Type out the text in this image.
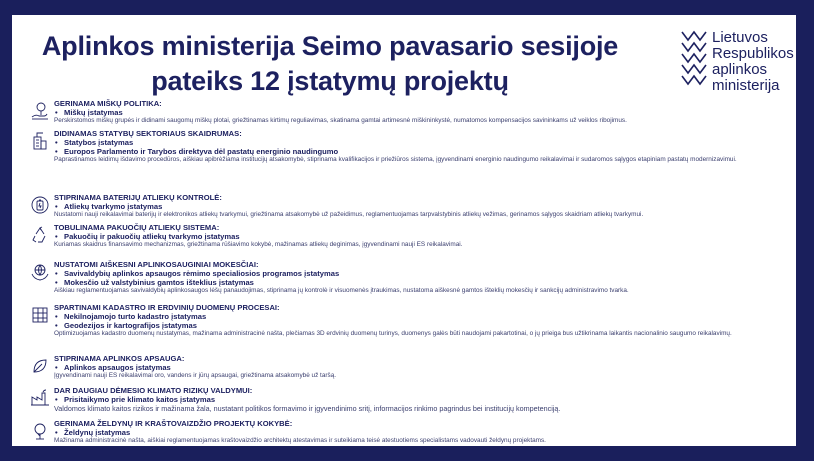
Aplinkos ministerija Seimo pavasario sesijoje
pateiks 12 įstatymų projektų
Lietuvos
Respublikos
aplinkos
ministerija
GERINAMA MIŠKŲ POLITIKA:
• Miškų įstatymas
Perskirstomos miškų grupės ir didinami saugomų miškų plotai, griežtinamas kirtimų reguliavimas, skatinama gamtai artimesnė miškininkystė, numatomos kompensacijos savininkams už veiklos ribojimus.
DIDINAMAS STATYBŲ SEKTORIAUS SKAIDRUMAS:
• Statybos įstatymas
• Europos Parlamento ir Tarybos direktyva dėl pastatų energinio naudingumo
Paprastinamos leidimų išdavimo procedūros, aiškiau apibrėžiama institucijų atsakomybė, stiprinama kvalifikacijos ir priežiūros sistema, įgyvendinami energinio naudingumo reikalavimai ir sudaromos sąlygos etapiniam pastatų modernizavimui.
STIPRINAMA BATERIJŲ ATLIEKŲ KONTROLĖ:
• Atliekų tvarkymo įstatymas
Nustatomi nauji reikalavimai baterijų ir elektronikos atliekų tvarkymui, griežtinama atsakomybė už pažeidimus, reglamentuojamas tarpvalstybinis atliekų vežimas, gerinamos sąlygos skaidriam atliekų tvarkymui.
TOBULINAMA PAKUOČIŲ ATLIEKŲ SISTEMA:
• Pakuočių ir pakuočių atliekų tvarkymo įstatymas
Kuriamas skaidrus finansavimo mechanizmas, griežtinama rūšiavimo kokybė, mažinamas atliekų deginimas, įgyvendinami nauji ES reikalavimai.
NUSTATOMI AIŠKESNI APLINKOSAUGINIAI MOKESČIAI:
• Savivaldybių aplinkos apsaugos rėmimo specialiosios programos įstatymas
• Mokesčio už valstybinius gamtos išteklius įstatymas
Aiškiau reglamentuojamas savivaldybių aplinkosaugos lėšų panaudojimas, stiprinama jų kontrolė ir visuomenės įtraukimas, nustatoma aiškesnė gamtos išteklių mokesčių ir sankcijų administravimo tvarka.
SPARTINAMI KADASTRO IR ERDVINIŲ DUOMENŲ PROCESAI:
• Nekilnojamojo turto kadastro įstatymas
• Geodezijos ir kartografijos įstatymas
Optimizuojamas kadastro duomenų nustatymas, mažinama administracinė našta, plečiamas 3D erdvinių duomenų turinys, duomenys galės būti naudojami pakartotinai, o jų prieiga bus užtikrinama laikantis nacionalinio saugumo reikalavimų.
STIPRINAMA APLINKOS APSAUGA:
• Aplinkos apsaugos įstatymas
Įgyvendinami nauji ES reikalavimai oro, vandens ir jūrų apsaugai, griežtinama atsakomybė už taršą.
DAR DAUGIAU DĖMESIO KLIMATO RIZIKŲ VALDYMUI:
• Prisitaikymo prie klimato kaitos įstatymas
Valdomos klimato kaitos rizikos ir mažinama žala, nustatant politikos formavimo ir įgyvendinimo sritį, informacijos rinkimo pagrindus bei institucijų kompetenciją.
GERINAMA ŽELDYNŲ IR KRAŠTOVAIZDŽIO PROJEKTŲ KOKYBĖ:
• Želdynų įstatymas
Mažinama administracinė našta, aiškiai reglamentuojamas kraštovaizdžio architektų atestavimas ir suteikiama teisė atestuotiems specialistams vadovauti želdynų projektams.
